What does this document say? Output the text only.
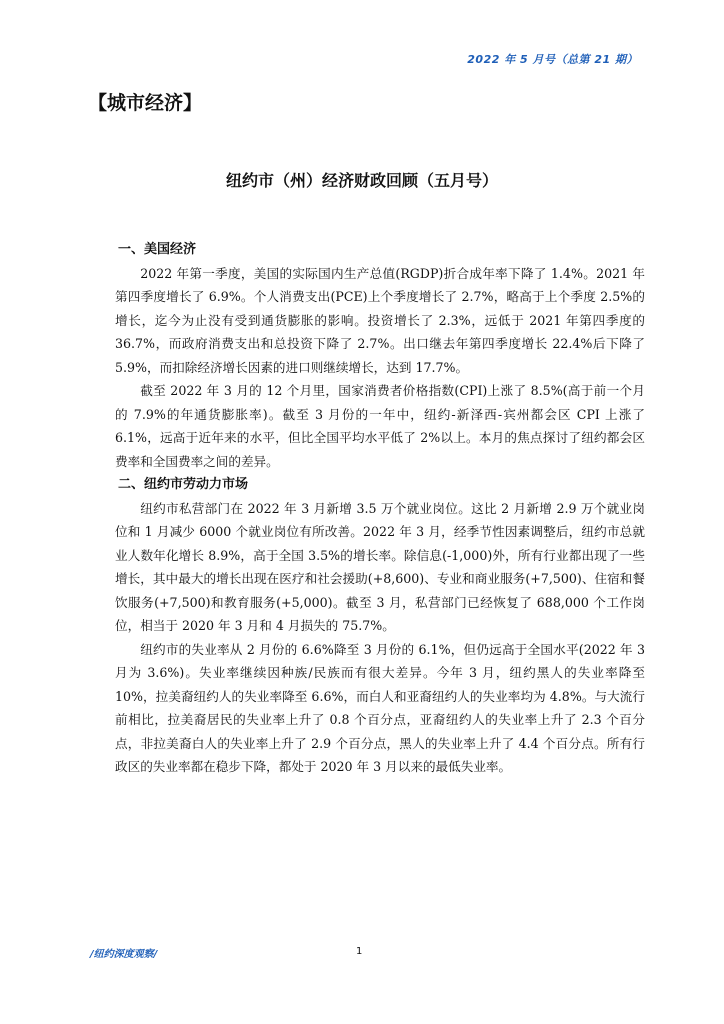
2022 年 5 月号（总第 21 期）
【城市经济】
纽约市（州）经济财政回顾（五月号）
一、美国经济

2022 年第一季度，美国的实际国内生产总值(RGDP)折合成年率下降了 1.4%。2021 年第四季度增长了 6.9%。个人消费支出(PCE)上个季度增长了 2.7%，略高于上个季度 2.5%的增长，迄今为止没有受到通货膨胀的影响。投资增长了 2.3%，远低于 2021 年第四季度的 36.7%，而政府消费支出和总投资下降了 2.7%。出口继去年第四季度增长 22.4%后下降了 5.9%，而扣除经济增长因素的进口则继续增长，达到 17.7%。

截至 2022 年 3 月的 12 个月里，国家消费者价格指数(CPI)上涨了 8.5%(高于前一个月的 7.9%的年通货膨胀率)。截至 3 月份的一年中，纽约-新泽西-宾州都会区 CPI 上涨了 6.1%，远高于近年来的水平，但比全国平均水平低了 2%以上。本月的焦点探讨了纽约都会区费率和全国费率之间的差异。

二、纽约市劳动力市场

纽约市私营部门在 2022 年 3 月新增 3.5 万个就业岗位。这比 2 月新增 2.9 万个就业岗位和 1 月减少 6000 个就业岗位有所改善。2022 年 3 月，经季节性因素调整后，纽约市总就业人数年化增长 8.9%，高于全国 3.5%的增长率。除信息(-1,000)外，所有行业都出现了一些增长，其中最大的增长出现在医疗和社会援助(+8,600)、专业和商业服务(+7,500)、住宿和餐饮服务(+7,500)和教育服务(+5,000)。截至 3 月，私营部门已经恢复了 688,000 个工作岗位，相当于 2020 年 3 月和 4 月损失的 75.7%。

纽约市的失业率从 2 月份的 6.6%降至 3 月份的 6.1%，但仍远高于全国水平(2022 年 3 月为 3.6%)。失业率继续因种族/民族而有很大差异。今年 3 月，纽约黑人的失业率降至 10%，拉美裔纽约人的失业率降至 6.6%，而白人和亚裔纽约人的失业率均为 4.8%。与大流行前相比，拉美裔居民的失业率上升了 0.8 个百分点，亚裔纽约人的失业率上升了 2.3 个百分点，非拉美裔白人的失业率上升了 2.9 个百分点，黑人的失业率上升了 4.4 个百分点。所有行政区的失业率都在稳步下降，都处于 2020 年 3 月以来的最低失业率。

/纽约深度观察/	1
